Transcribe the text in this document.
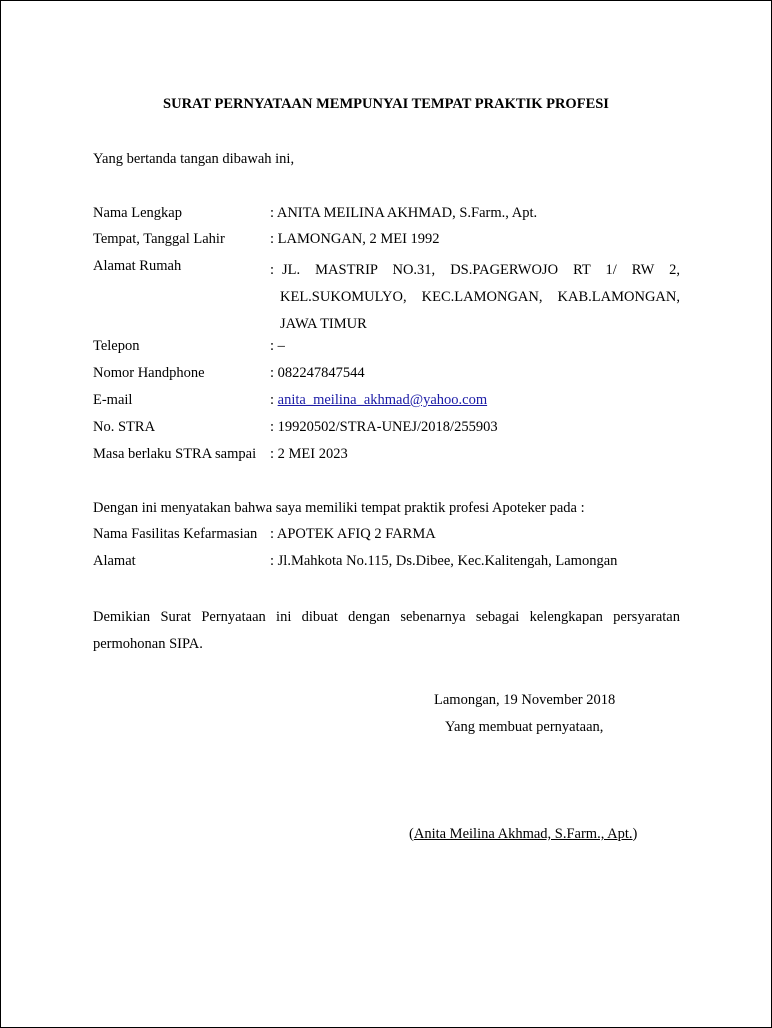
SURAT PERNYATAAN MEMPUNYAI TEMPAT PRAKTIK PROFESI
Yang bertanda tangan dibawah ini,
Nama Lengkap	: ANITA MEILINA AKHMAD, S.Farm., Apt.
Tempat, Tanggal Lahir	: LAMONGAN, 2 MEI 1992
Alamat Rumah	: JL. MASTRIP NO.31, DS.PAGERWOJO RT 1/ RW 2,
KEL.SUKOMULYO, KEC.LAMONGAN, KAB.LAMONGAN,
JAWA TIMUR
Telepon	: –
Nomor Handphone	: 082247847544
E-mail	: anita_meilina_akhmad@yahoo.com
No. STRA	: 19920502/STRA-UNEJ/2018/255903
Masa berlaku STRA sampai : 2 MEI 2023
Dengan ini menyatakan bahwa saya memiliki tempat praktik profesi Apoteker pada :
Nama Fasilitas Kefarmasian : APOTEK AFIQ 2 FARMA
Alamat	: Jl.Mahkota No.115, Ds.Dibee, Kec.Kalitengah, Lamongan
Demikian Surat Pernyataan ini dibuat dengan sebenarnya sebagai kelengkapan persyaratan
permohonan SIPA.
Lamongan, 19 November 2018
Yang membuat pernyataan,
(Anita Meilina Akhmad, S.Farm., Apt.)
